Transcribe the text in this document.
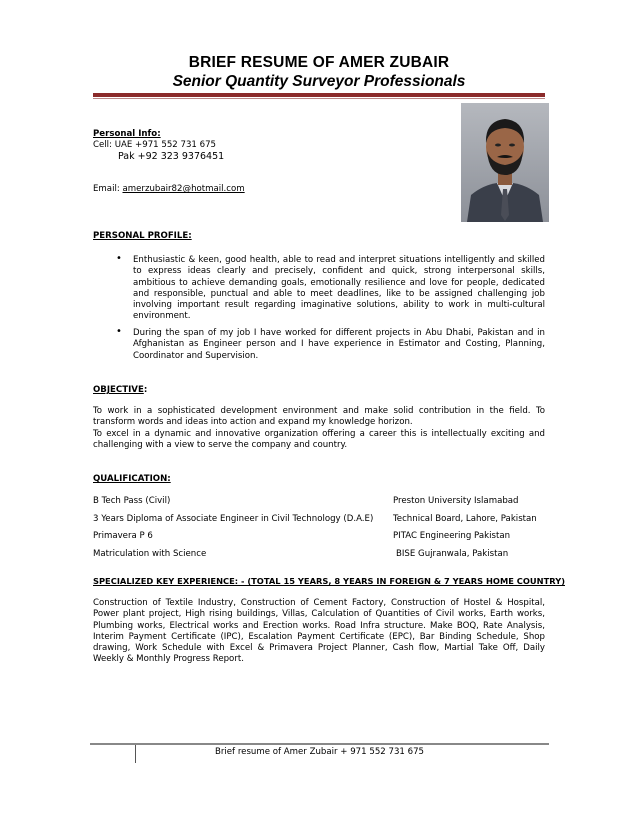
BRIEF RESUME OF AMER ZUBAIR
Senior Quantity Surveyor Professionals
Personal Info:
Cell: UAE +971 552 731 675
Pak +92 323 9376451
Email: amerzubair82@hotmail.com
PERSONAL PROFILE:
• Enthusiastic & keen, good health, able to read and interpret situations intelligently and skilled to express ideas clearly and precisely, confident and quick, strong interpersonal skills, ambitious to achieve demanding goals, emotionally resilience and love for people, dedicated and responsible, punctual and able to meet deadlines, like to be assigned challenging job involving important result regarding imaginative solutions, ability to work in multi-cultural environment.
• During the span of my job I have worked for different projects in Abu Dhabi, Pakistan and in Afghanistan as Engineer person and I have experience in Estimator and Costing, Planning, Coordinator and Supervision.
OBJECTIVE:
To work in a sophisticated development environment and make solid contribution in the field. To transform words and ideas into action and expand my knowledge horizon.
To excel in a dynamic and innovative organization offering a career this is intellectually exciting and challenging with a view to serve the company and country.
QUALIFICATION:
B Tech Pass (Civil)	Preston University Islamabad
3 Years Diploma of Associate Engineer in Civil Technology (D.A.E) Technical Board, Lahore, Pakistan
Primavera P 6	PITAC Engineering Pakistan
Matriculation with Science	BISE Gujranwala, Pakistan
SPECIALIZED KEY EXPERIENCE: - (TOTAL 15 YEARS, 8 YEARS IN FOREIGN & 7 YEARS HOME COUNTRY)
Construction of Textile Industry, Construction of Cement Factory, Construction of Hostel & Hospital, Power plant project, High rising buildings, Villas, Calculation of Quantities of Civil works, Earth works, Plumbing works, Electrical works and Erection works. Road Infra structure. Make BOQ, Rate Analysis, Interim Payment Certificate (IPC), Escalation Payment Certificate (EPC), Bar Binding Schedule, Shop drawing, Work Schedule with Excel & Primavera Project Planner, Cash flow, Martial Take Off, Daily Weekly & Monthly Progress Report.
Brief resume of Amer Zubair + 971 552 731 675
